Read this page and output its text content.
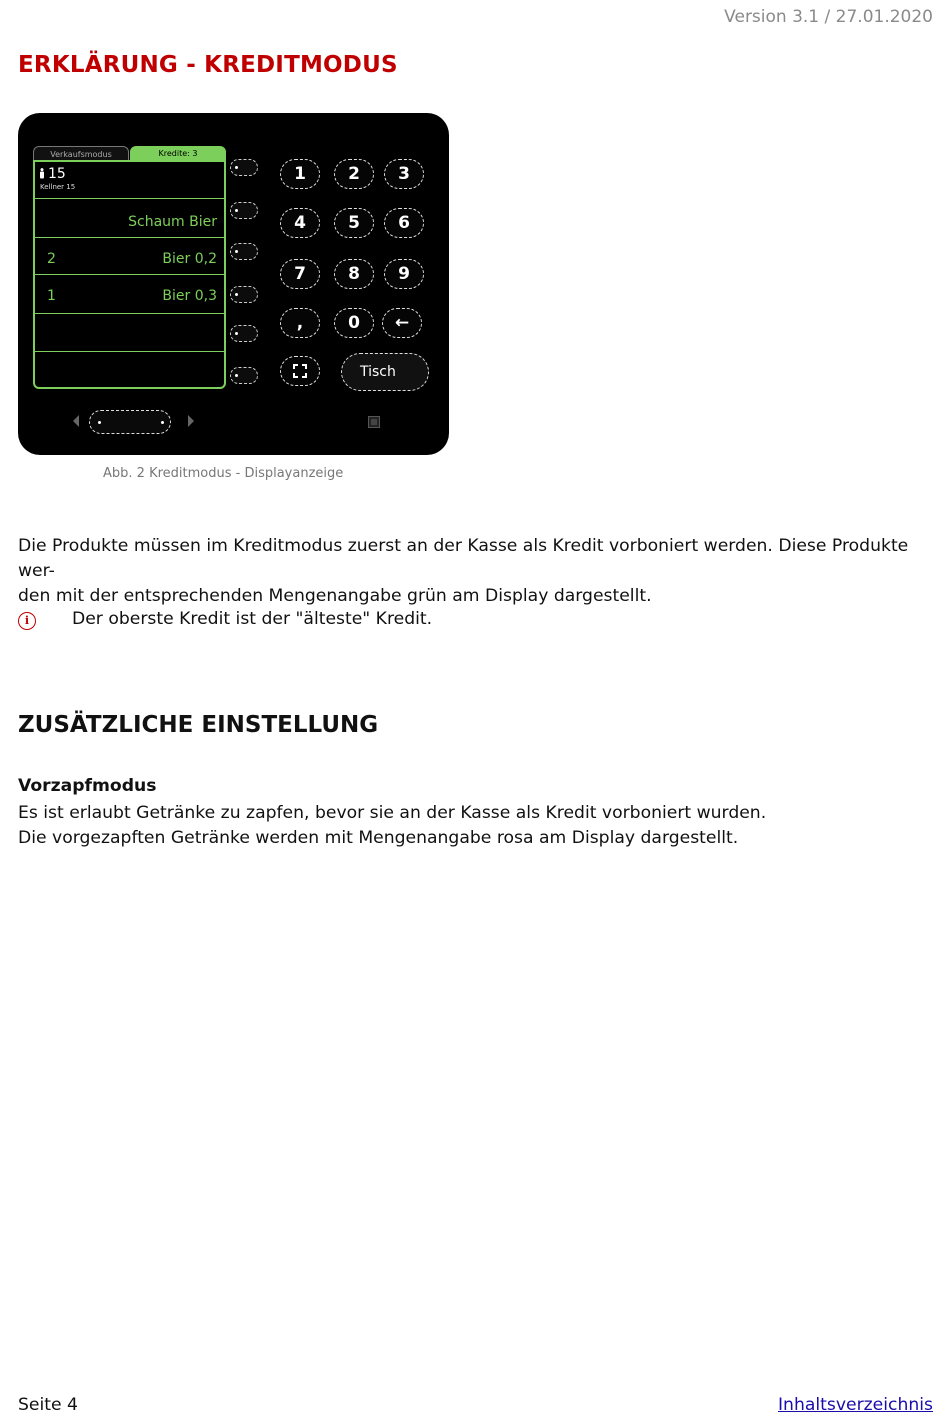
Version 3.1 / 27.01.2020
ERKLÄRUNG - KREDITMODUS
Verkaufsmodus	Kredite: 3
15
Kellner 15
Schaum Bier
2	Bier 0,2
1	Bier 0,3
1	2	3
4	5	6
7	8	9
,	0	←
Tisch
Abb. 2 Kreditmodus - Displayanzeige
Die Produkte müssen im Kreditmodus zuerst an der Kasse als Kredit vorboniert werden. Diese Produkte wer-
den mit der entsprechenden Mengenangabe grün am Display dargestellt.
i	Der oberste Kredit ist der "älteste" Kredit.
ZUSÄTZLICHE EINSTELLUNG
Vorzapfmodus
Es ist erlaubt Getränke zu zapfen, bevor sie an der Kasse als Kredit vorboniert wurden.
Die vorgezapften Getränke werden mit Mengenangabe rosa am Display dargestellt.
Seite 4	Inhaltsverzeichnis
